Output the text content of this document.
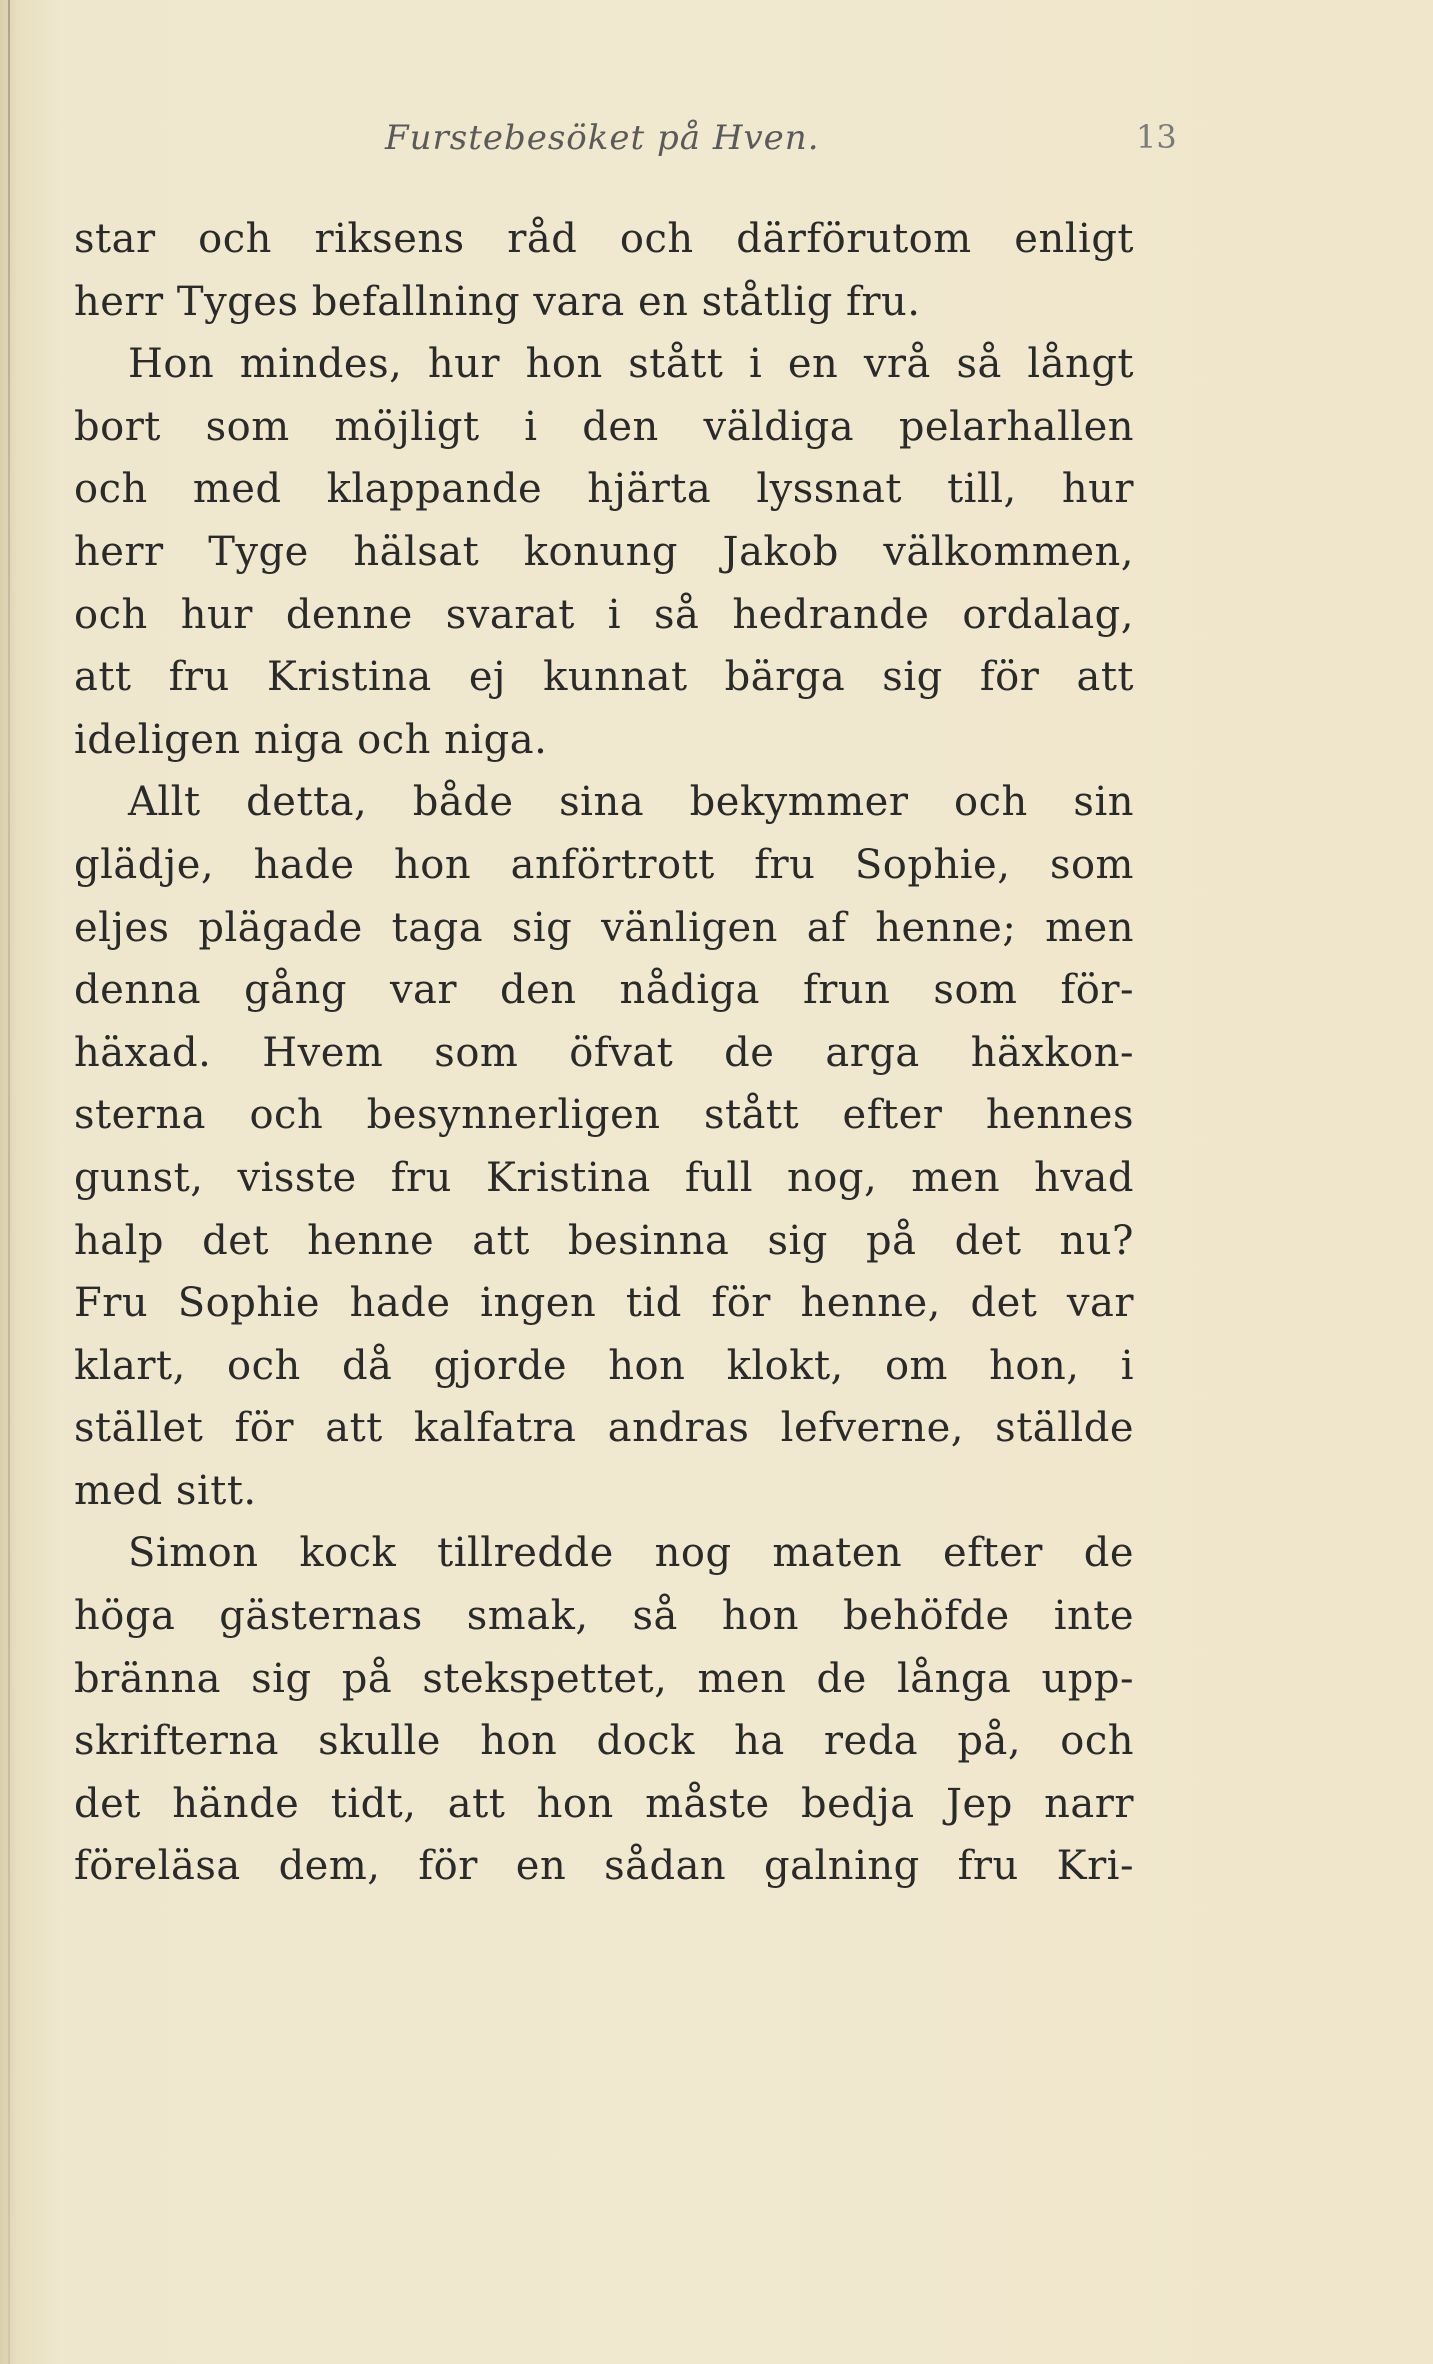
Furstebesöket på Hven.	13
star och riksens råd och därförutom enligt
herr Tyges befallning vara en ståtlig fru.
Hon mindes, hur hon stått i en vrå så långt
bort som möjligt i den väldiga pelarhallen
och med klappande hjärta lyssnat till, hur
herr Tyge hälsat konung Jakob välkommen,
och hur denne svarat i så hedrande ordalag,
att fru Kristina ej kunnat bärga sig för att
ideligen niga och niga.
Allt detta, både sina bekymmer och sin
glädje, hade hon anförtrott fru Sophie, som
eljes plägade taga sig vänligen af henne; men
denna gång var den nådiga frun som för-
häxad. Hvem som öfvat de arga häxkon-
sterna och besynnerligen stått efter hennes
gunst, visste fru Kristina full nog, men hvad
halp det henne att besinna sig på det nu?
Fru Sophie hade ingen tid för henne, det var
klart, och då gjorde hon klokt, om hon, i
stället för att kalfatra andras lefverne, ställde
med sitt.
Simon kock tillredde nog maten efter de
höga gästernas smak, så hon behöfde inte
bränna sig på stekspettet, men de långa upp-
skrifterna skulle hon dock ha reda på, och
det hände tidt, att hon måste bedja Jep narr
föreläsa dem, för en sådan galning fru Kri-
